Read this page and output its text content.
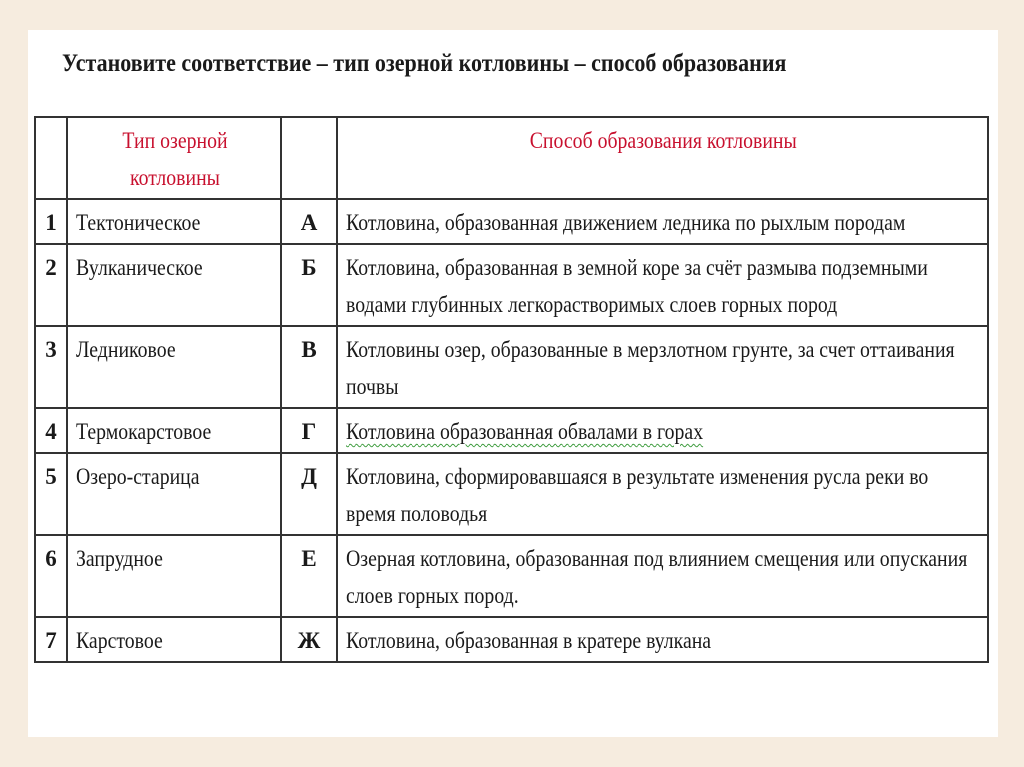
Установите соответствие – тип озерной котловины – способ образования
	Тип озерной котловины		Способ образования котловины
1	Тектоническое	А	Котловина, образованная движением ледника по рыхлым породам
2	Вулканическое	Б	Котловина, образованная в земной коре за счёт размыва подземными водами глубинных легкорастворимых слоев горных пород
3	Ледниковое	В	Котловины озер, образованные в мерзлотном грунте, за счет оттаивания почвы
4	Термокарстовое	Г	Котловина образованная обвалами в горах
5	Озеро-старица	Д	Котловина, сформировавшаяся в результате изменения русла реки во время половодья
6	Запрудное	Е	Озерная котловина, образованная под влиянием смещения или опускания слоев горных пород.
7	Карстовое	Ж	Котловина, образованная в кратере вулкана
